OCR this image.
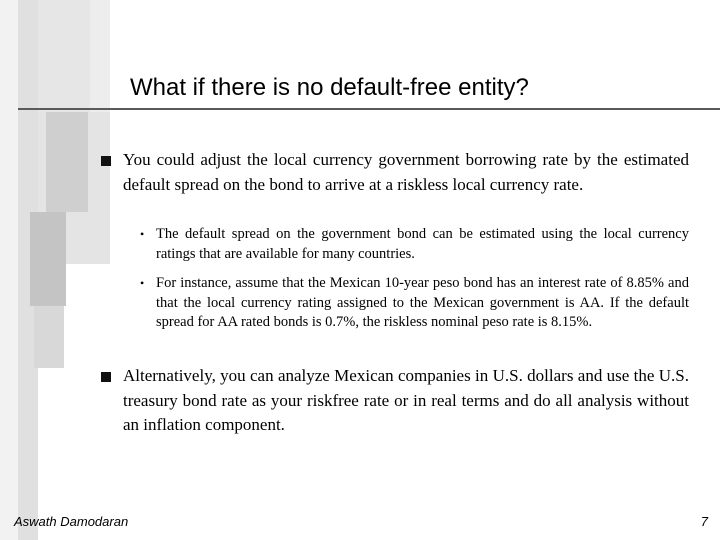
What if there is no default-free entity?
You could adjust the local currency government borrowing rate by the estimated default spread on the bond to arrive at a riskless local currency rate.
• The default spread on the government bond can be estimated using the local currency ratings that are available for many countries.
• For instance, assume that the Mexican 10-year peso bond has an interest rate of 8.85% and that the local currency rating assigned to the Mexican government is AA. If the default spread for AA rated bonds is 0.7%, the riskless nominal peso rate is 8.15%.
Alternatively, you can analyze Mexican companies in U.S. dollars and use the U.S. treasury bond rate as your riskfree rate or in real terms and do all analysis without an inflation component.
Aswath Damodaran	7
